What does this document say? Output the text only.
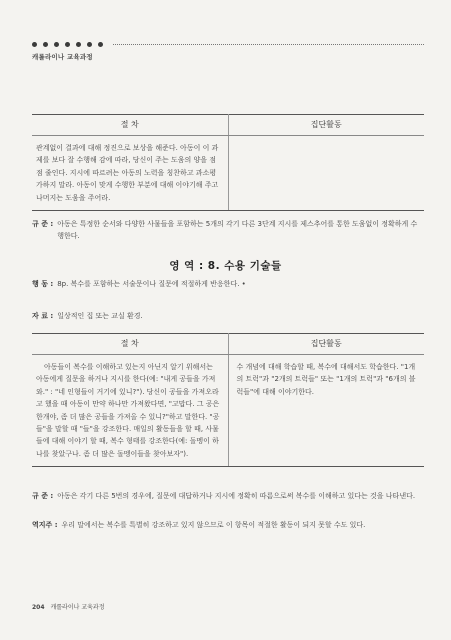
캐롤라이나 교육과정
절 차	집단활동

관계없이 결과에 대해 정진으로 보상을 해준다. 아동이 이 과제를 보다 잘 수행해 감에 따라, 당신이 주는 도움의 양을 점점 줄인다. 지시에 따르려는 아동의 노력을 칭찬하고 과소평가하지 말라. 아동이 맞게 수행한 부분에 대해 이야기해 주고 나머지는 도움을 주어라.	

규 준 : 아동은 특정한 순서와 다양한 사물들을 포함하는 5개의 각기 다른 3단계 지시를 제스추어를 통한 도움없이 정확하게 수행한다.
영 역 : 8. 수용 기술들
행 동 : 8p. 복수를 포함하는 서술문이나 질문에 적절하게 반응한다. •
자 료 : 일상적인 집 또는 교실 환경.
절 차	집단활동

아동들이 복수를 이해하고 있는지 아닌지 알기 위해서는 아동에게 질문을 하거나 지시를 한다(예: "내게 공들을 가져와." : "네 인형들이 거기에 있니?"). 당신이 공들을 가져오라고 했을 때 아동이 만약 하나만 가져왔다면, "고맙다. 그 공은 한개야, 좀 더 많은 공들을 가져올 수 있니?"하고 말한다. "공들"을 말할 때 "들"을 강조한다. 매일의 활동들을 할 때, 사물들에 대해 이야기 할 때, 복수 형태를 강조한다(예: 돌멩이 하나를 찾았구나. 좀 더 많은 돌멩이들을 찾아보자").	수 개념에 대해 학습할 때, 복수에 대해서도 학습한다. "1개의 트럭"과 "2개의 트럭들" 또는 "1개의 트럭"과 "6개의 블럭들"에 대해 이야기한다.

규 준 : 아동은 각기 다른 5번의 경우에, 질문에 대답하거나 지시에 정확히 따름으로써 복수를 이해하고 있다는 것을 나타낸다.
역지주 : 우리 말에서는 복수를 특별히 강조하고 있지 않으므로 이 항목이 적절한 활동이 되지 못할 수도 있다.
204 캐롤라이나 교육과정
